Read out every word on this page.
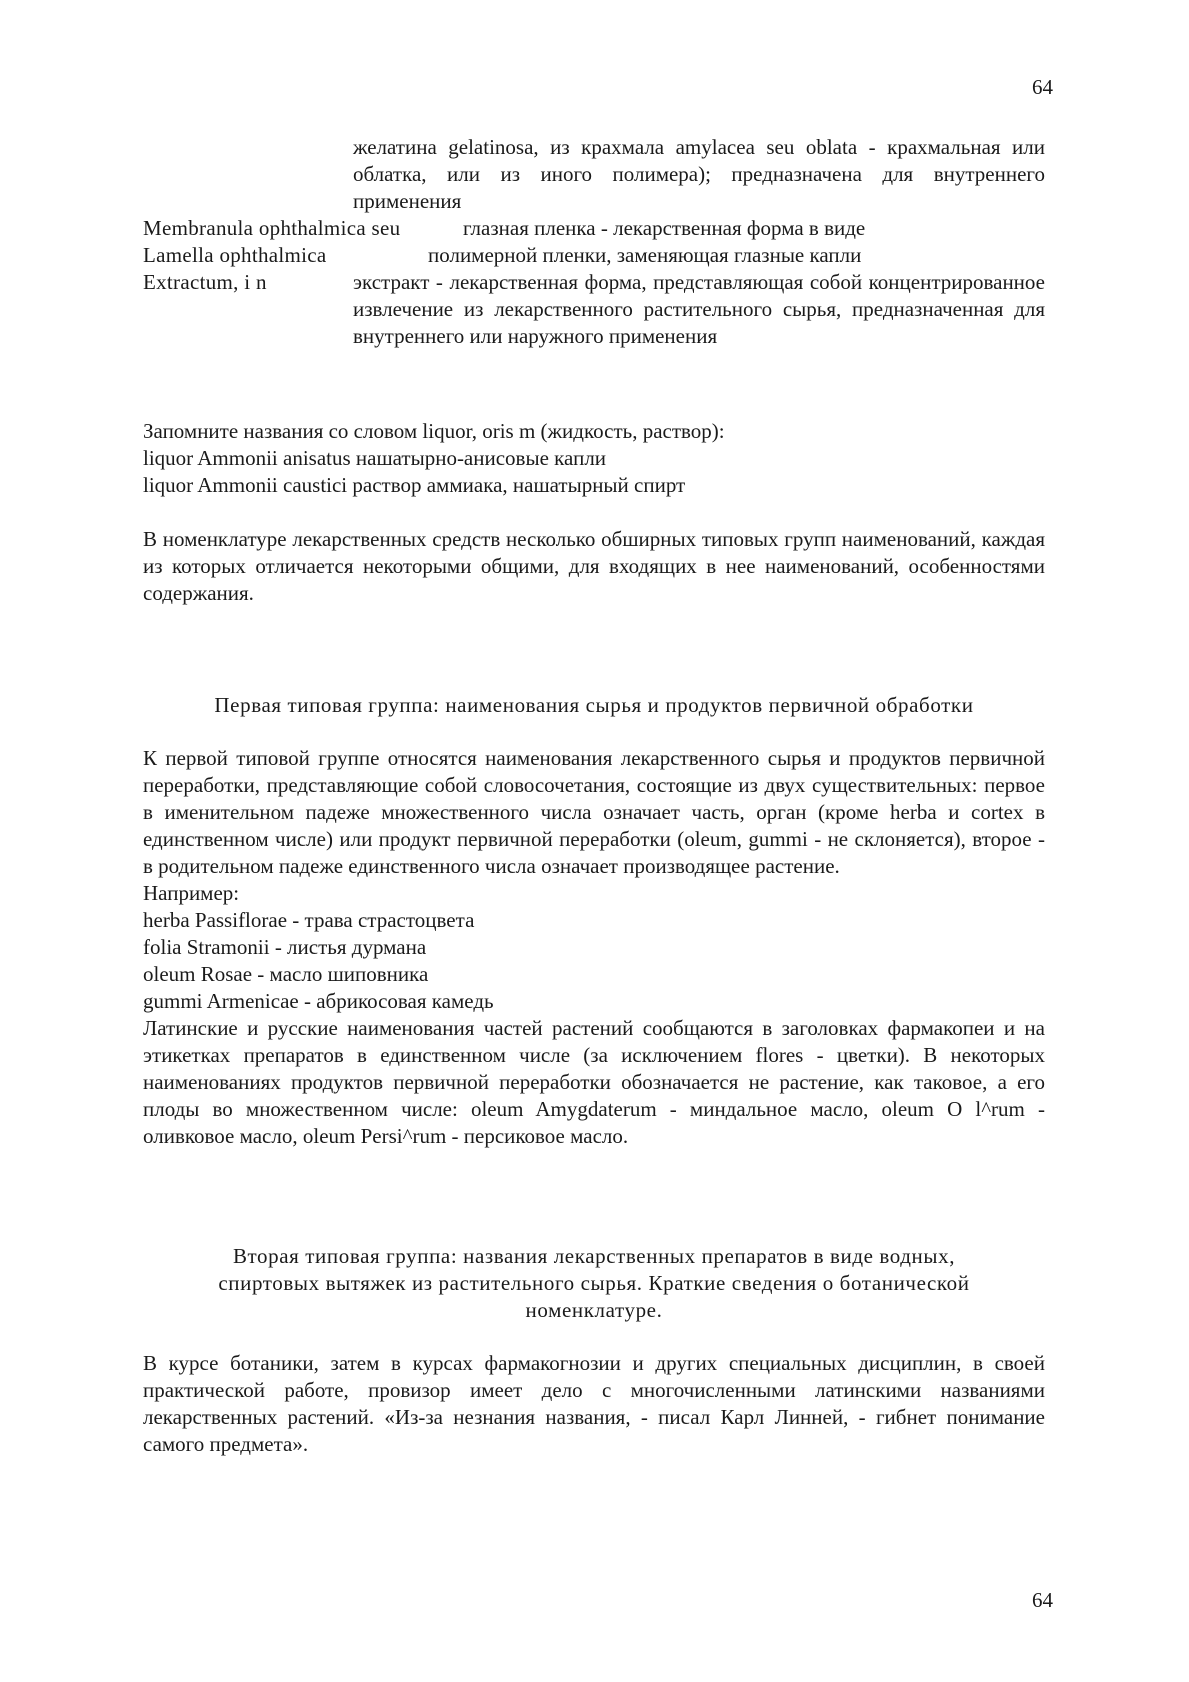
64

желатина gelatinosa, из крахмала amylacea seu oblata - крахмальная или облатка, или из иного полимера); предназначена для внутреннего применения

Membranula ophthalmica seu
Lamella ophthalmica
глазная пленка - лекарственная форма в виде
полимерной пленки, заменяющая глазные капли
Extractum, i n	экстракт - лекарственная форма, представляющая собой концентрированное извлечение из лекарственного растительного сырья, предназначенная для внутреннего или наружного применения

Запомните названия со словом liquor, oris m (жидкость, раствор):

liquor Ammonii anisatus нашатырно-анисовые капли

liquor Ammonii caustici раствор аммиака, нашатырный спирт

В номенклатуре лекарственных средств несколько обширных типовых групп наименований, каждая из которых отличается некоторыми общими, для входящих в нее наименований, особенностями содержания.
Первая типовая группа: наименования сырья и продуктов первичной обработки

К первой типовой группе относятся наименования лекарственного сырья и продуктов первичной переработки, представляющие собой словосочетания, состоящие из двух существительных: первое в именительном падеже множественного числа означает часть, орган (кроме herba и cortex в единственном числе) или продукт первичной переработки (oleum, gummi - не склоняется), второе - в родительном падеже единственного числа означает производящее растение.

Например:

herba Passiflorae - трава страстоцвета

folia Stramonii - листья дурмана

oleum Rosae - масло шиповника

gummi Armenicae - абрикосовая камедь

Латинские и русские наименования частей растений сообщаются в заголовках фармакопеи и на этикетках препаратов в единственном числе (за исключением flores - цветки). В некоторых наименованиях продуктов первичной переработки обозначается не растение, как таковое, а его плоды во множественном числе: oleum Amygdaterum - миндальное масло, oleum O l^rum - оливковое масло, oleum Persi^rum - персиковое масло.

Вторая типовая группа: названия лекарственных препаратов в виде водных,
спиртовых вытяжек из растительного сырья. Краткие сведения о ботанической
номенклатуре.
В курсе ботаники, затем в курсах фармакогнозии и других специальных дисциплин, в своей практической работе, провизор имеет дело с многочисленными латинскими названиями лекарственных растений. «Из-за незнания названия, - писал Карл Линней, - гибнет понимание самого предмета».
64
